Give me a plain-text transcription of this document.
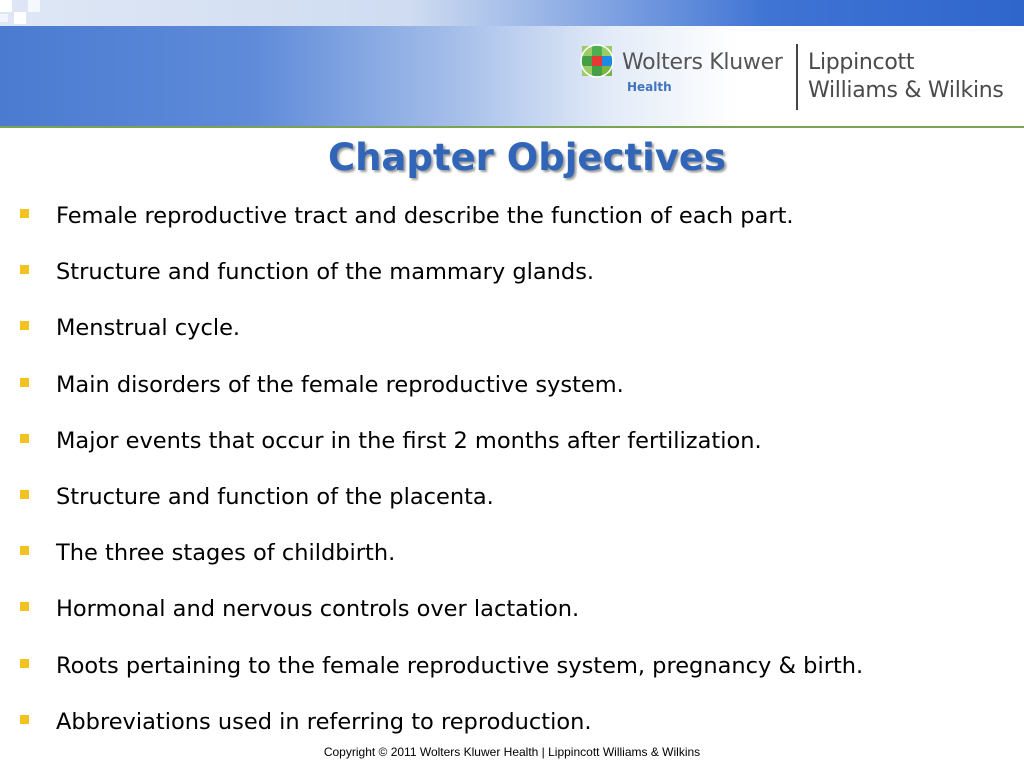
Wolters Kluwer
Health
Lippincott
Williams & Wilkins
Chapter Objectives
Female reproductive tract and describe the function of each part.
Structure and function of the mammary glands.
Menstrual cycle.
Main disorders of the female reproductive system.
Major events that occur in the first 2 months after fertilization.
Structure and function of the placenta.
The three stages of childbirth.
Hormonal and nervous controls over lactation.
Roots pertaining to the female reproductive system, pregnancy & birth.
Abbreviations used in referring to reproduction.
Copyright © 2011 Wolters Kluwer Health | Lippincott Williams & Wilkins
